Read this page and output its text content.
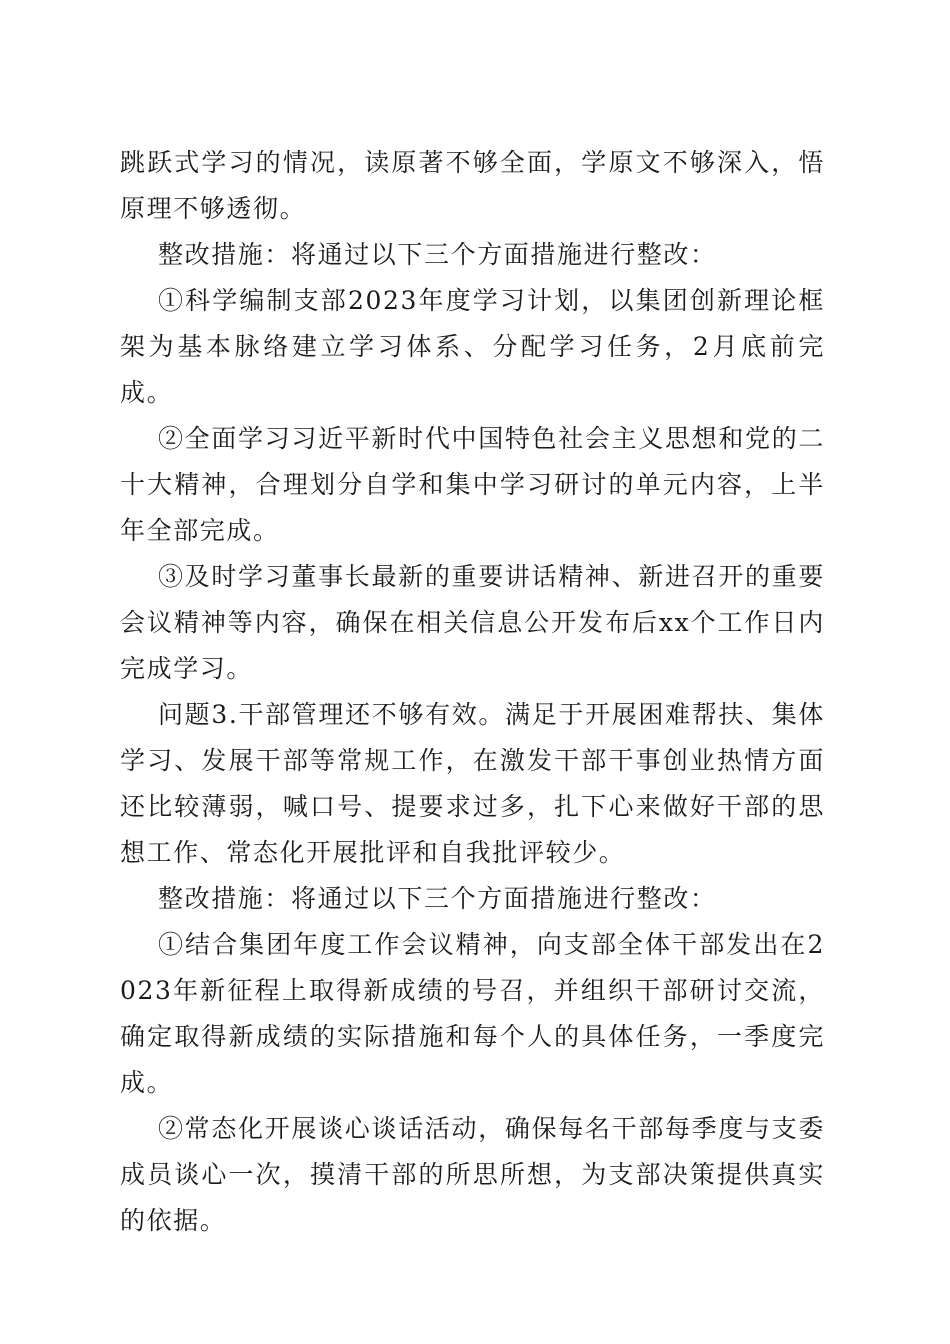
跳跃式学习的情况，读原著不够全面，学原文不够深入，悟原理不够透彻。

整改措施：将通过以下三个方面措施进行整改：

①科学编制支部2023年度学习计划，以集团创新理论框架为基本脉络建立学习体系、分配学习任务，2月底前完成。

②全面学习习近平新时代中国特色社会主义思想和党的二十大精神，合理划分自学和集中学习研讨的单元内容，上半年全部完成。

③及时学习董事长最新的重要讲话精神、新进召开的重要会议精神等内容，确保在相关信息公开发布后xx个工作日内完成学习。

问题3.干部管理还不够有效。满足于开展困难帮扶、集体学习、发展干部等常规工作，在激发干部干事创业热情方面还比较薄弱，喊口号、提要求过多，扎下心来做好干部的思想工作、常态化开展批评和自我批评较少。

整改措施：将通过以下三个方面措施进行整改：

①结合集团年度工作会议精神，向支部全体干部发出在2023年新征程上取得新成绩的号召，并组织干部研讨交流，确定取得新成绩的实际措施和每个人的具体任务，一季度完成。

②常态化开展谈心谈话活动，确保每名干部每季度与支委成员谈心一次，摸清干部的所思所想，为支部决策提供真实的依据。
